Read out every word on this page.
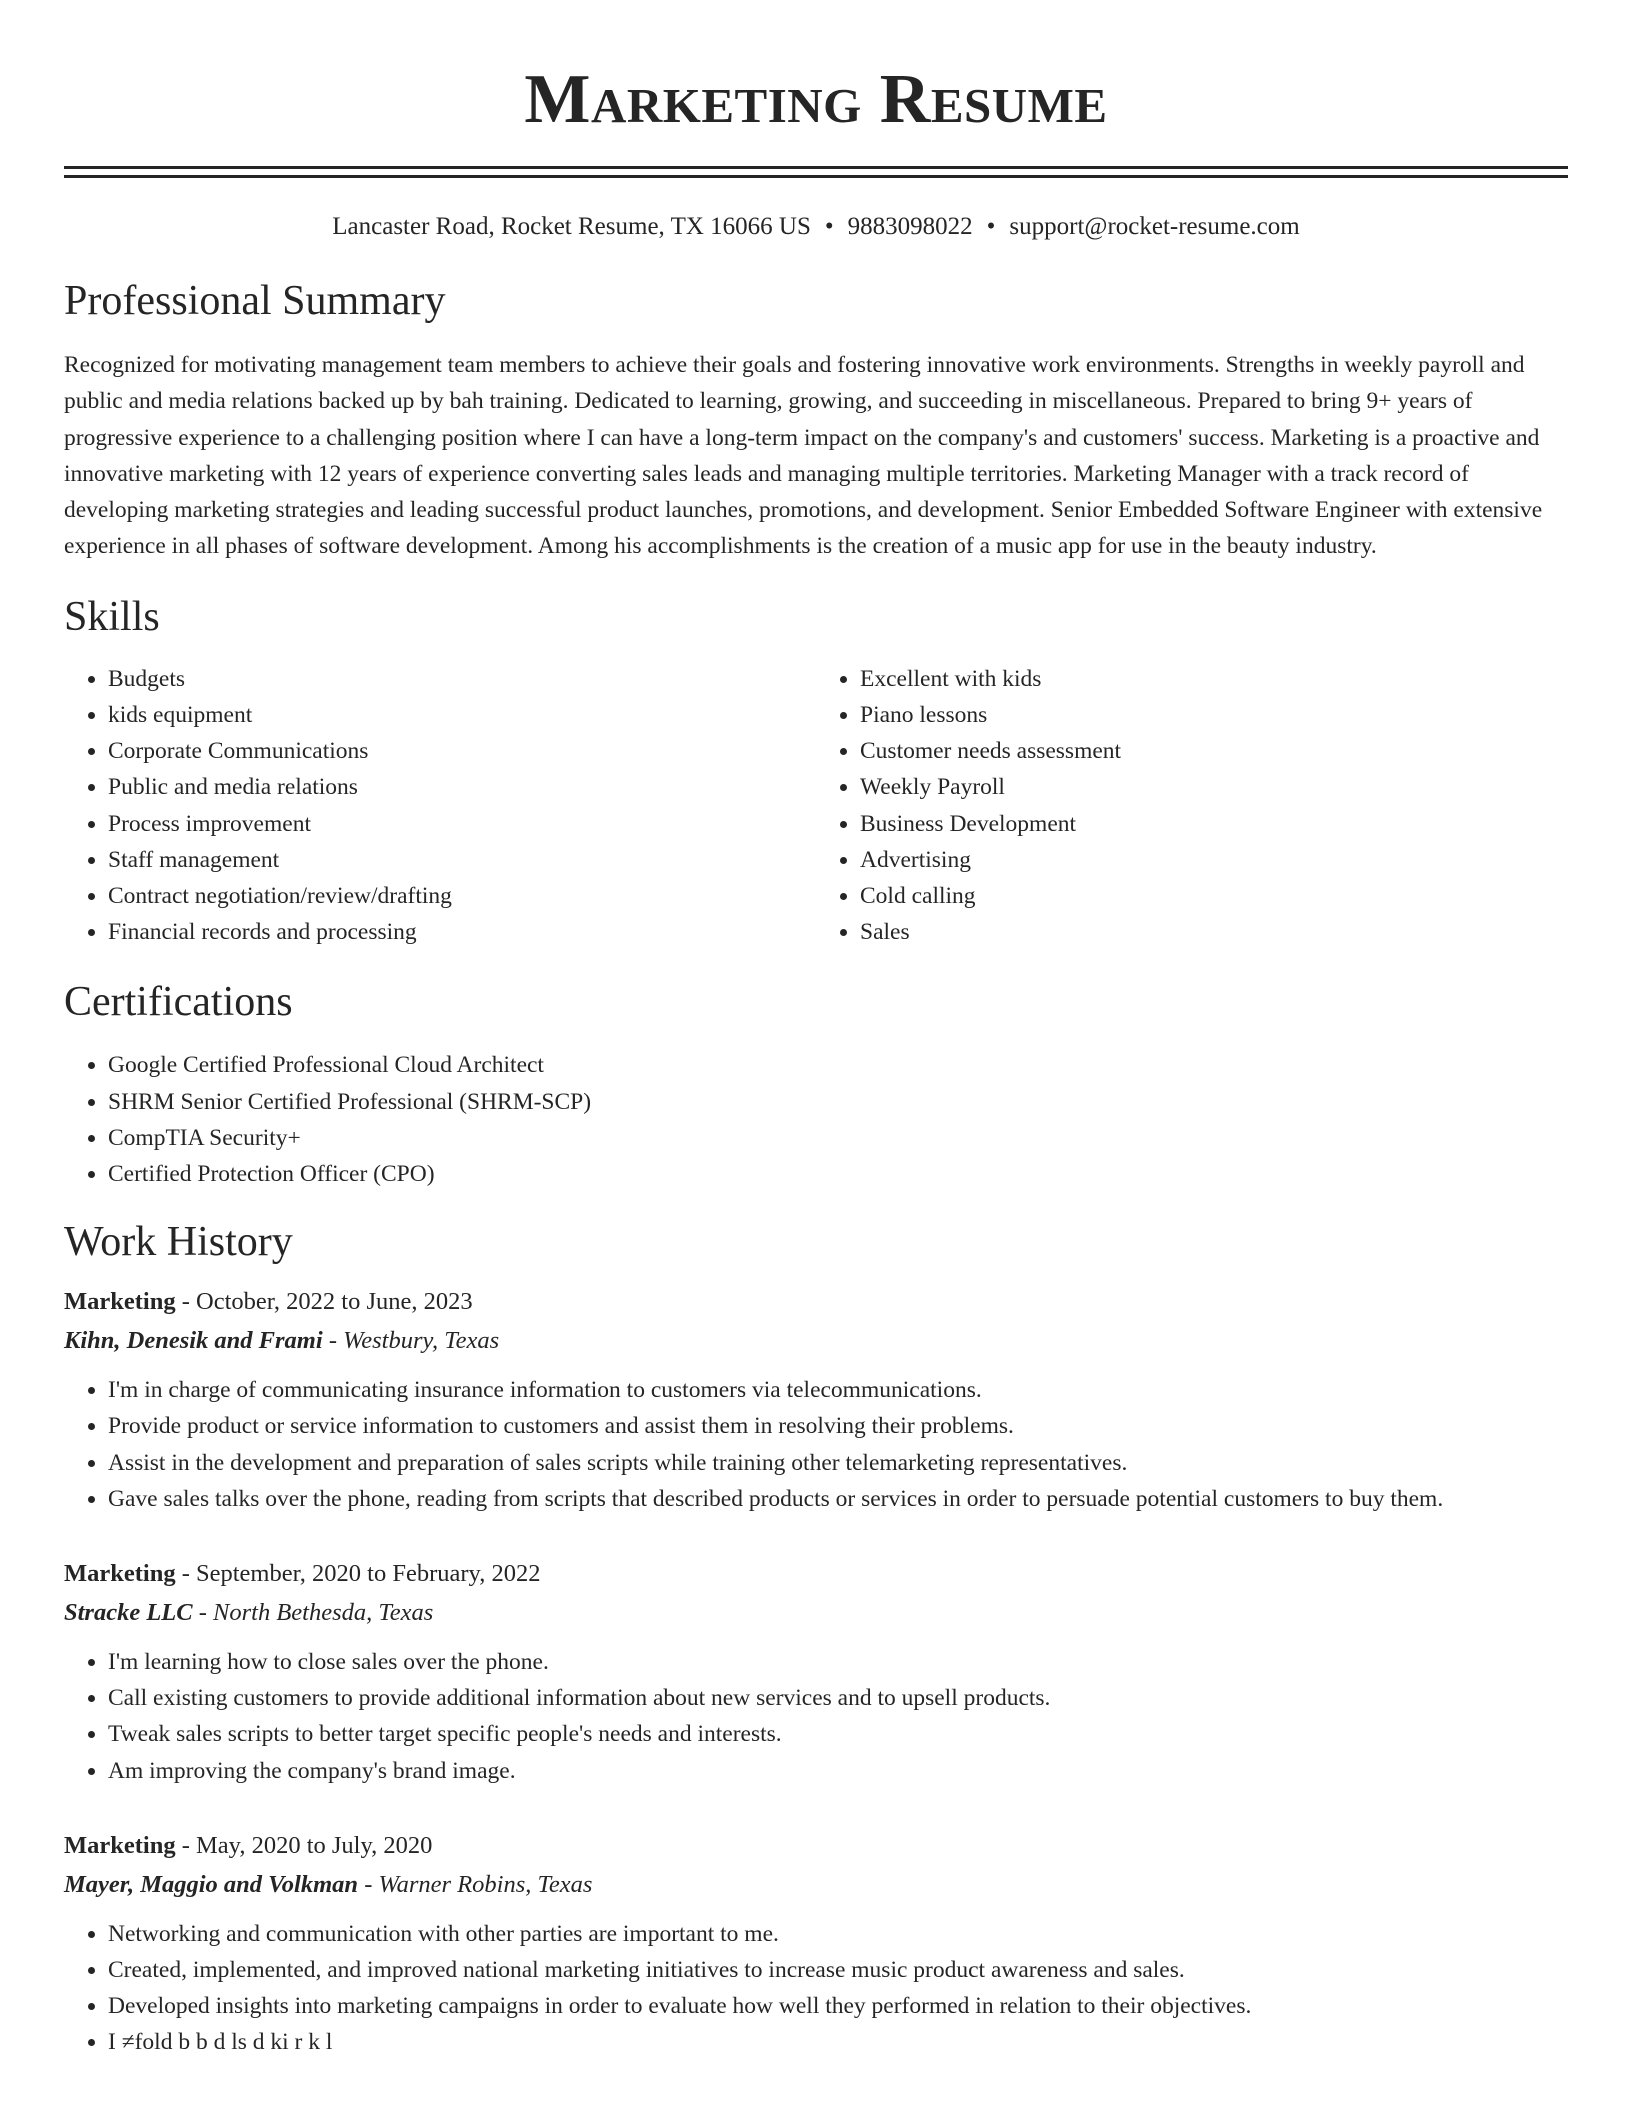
Marketing Resume
Lancaster Road, Rocket Resume, TX 16066 US • 9883098022 • support@rocket-resume.com
Professional Summary

Recognized for motivating management team members to achieve their goals and fostering innovative work environments. Strengths in weekly payroll and public and media relations backed up by bah training. Dedicated to learning, growing, and succeeding in miscellaneous. Prepared to bring 9+ years of progressive experience to a challenging position where I can have a long-term impact on the company's and customers' success. Marketing is a proactive and innovative marketing with 12 years of experience converting sales leads and managing multiple territories. Marketing Manager with a track record of developing marketing strategies and leading successful product launches, promotions, and development. Senior Embedded Software Engineer with extensive experience in all phases of software development. Among his accomplishments is the creation of a music app for use in the beauty industry.

Skills
• Budgets
• kids equipment
• Corporate Communications
• Public and media relations
• Process improvement
• Staff management
• Contract negotiation/review/drafting
• Financial records and processing
• Excellent with kids
• Piano lessons
• Customer needs assessment
• Weekly Payroll
• Business Development
• Advertising
• Cold calling
• Sales
Certifications
• Google Certified Professional Cloud Architect
• SHRM Senior Certified Professional (SHRM-SCP)
• CompTIA Security+
• Certified Protection Officer (CPO)
Work History
Marketing - October, 2022 to June, 2023
Kihn, Denesik and Frami - Westbury, Texas
• I'm in charge of communicating insurance information to customers via telecommunications.
• Provide product or service information to customers and assist them in resolving their problems.
• Assist in the development and preparation of sales scripts while training other telemarketing representatives.
• Gave sales talks over the phone, reading from scripts that described products or services in order to persuade potential customers to buy them.
Marketing - September, 2020 to February, 2022
Stracke LLC - North Bethesda, Texas
• I'm learning how to close sales over the phone.
• Call existing customers to provide additional information about new services and to upsell products.
• Tweak sales scripts to better target specific people's needs and interests.
• Am improving the company's brand image.
Marketing - May, 2020 to July, 2020
Mayer, Maggio and Volkman - Warner Robins, Texas
• Networking and communication with other parties are important to me.
• Created, implemented, and improved national marketing initiatives to increase music product awareness and sales.
• Developed insights into marketing campaigns in order to evaluate how well they performed in relation to their objectives.
• I ≠fold b b d ls d ki r k l
